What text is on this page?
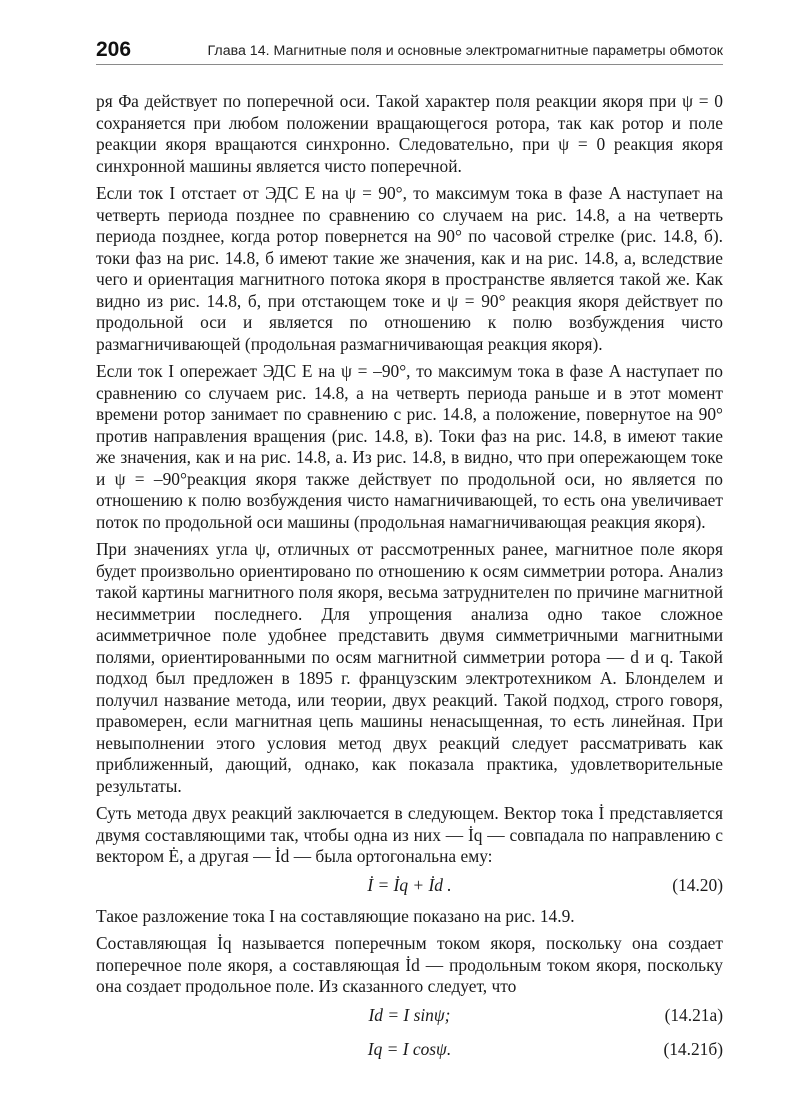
206	Глава 14. Магнитные поля и основные электромагнитные параметры обмоток

ря Φa действует по поперечной оси. Такой характер поля реакции якоря при ψ = 0 сохраняется при любом положении вращающегося ротора, так как ротор и поле реакции якоря вращаются синхронно. Следовательно, при ψ = 0 реакция якоря синхронной машины является чисто поперечной.

Если ток I отстает от ЭДС E на ψ = 90°, то максимум тока в фазе A наступает на четверть периода позднее по сравнению со случаем на рис. 14.8, а на четверть периода позднее, когда ротор повернется на 90° по часовой стрелке (рис. 14.8, б). токи фаз на рис. 14.8, б имеют такие же значения, как и на рис. 14.8, а, вследствие чего и ориентация магнитного потока якоря в пространстве является такой же. Как видно из рис. 14.8, б, при отстающем токе и ψ = 90° реакция якоря действует по продольной оси и является по отношению к полю возбуждения чисто размагничивающей (продольная размагничивающая реакция якоря).

Если ток I опережает ЭДС E на ψ = –90°, то максимум тока в фазе A наступает по сравнению со случаем рис. 14.8, а на четверть периода раньше и в этот момент времени ротор занимает по сравнению с рис. 14.8, а положение, повернутое на 90° против направления вращения (рис. 14.8, в). Токи фаз на рис. 14.8, в имеют такие же значения, как и на рис. 14.8, а. Из рис. 14.8, в видно, что при опережающем токе и ψ = –90°реакция якоря также действует по продольной оси, но является по отношению к полю возбуждения чисто намагничивающей, то есть она увеличивает поток по продольной оси машины (продольная намагничивающая реакция якоря).

При значениях угла ψ, отличных от рассмотренных ранее, магнитное поле якоря будет произвольно ориентировано по отношению к осям симметрии ротора. Анализ такой картины магнитного поля якоря, весьма затруднителен по причине магнитной несимметрии последнего. Для упрощения анализа одно такое сложное асимметричное поле удобнее представить двумя симметричными магнитными полями, ориентированными по осям магнитной симметрии ротора — d и q. Такой подход был предложен в 1895 г. французским электротехником А. Блонделем и получил название метода, или теории, двух реакций. Такой подход, строго говоря, правомерен, если магнитная цепь машины ненасыщенная, то есть линейная. При невыполнении этого условия метод двух реакций следует рассматривать как приближенный, дающий, однако, как показала практика, удовлетворительные результаты.

Суть метода двух реакций заключается в следующем. Вектор тока İ представляется двумя составляющими так, чтобы одна из них — İq — совпадала по направлению с вектором Ė, а другая — İd — была ортогональна ему:

İ = İq + İd .	(14.20)

Такое разложение тока I на составляющие показано на рис. 14.9.

Составляющая İq называется поперечным током якоря, поскольку она создает поперечное поле якоря, а составляющая İd — продольным током якоря, поскольку она создает продольное поле. Из сказанного следует, что

Id = I sinψ;	(14.21а)
Iq = I cosψ.	(14.21б)
